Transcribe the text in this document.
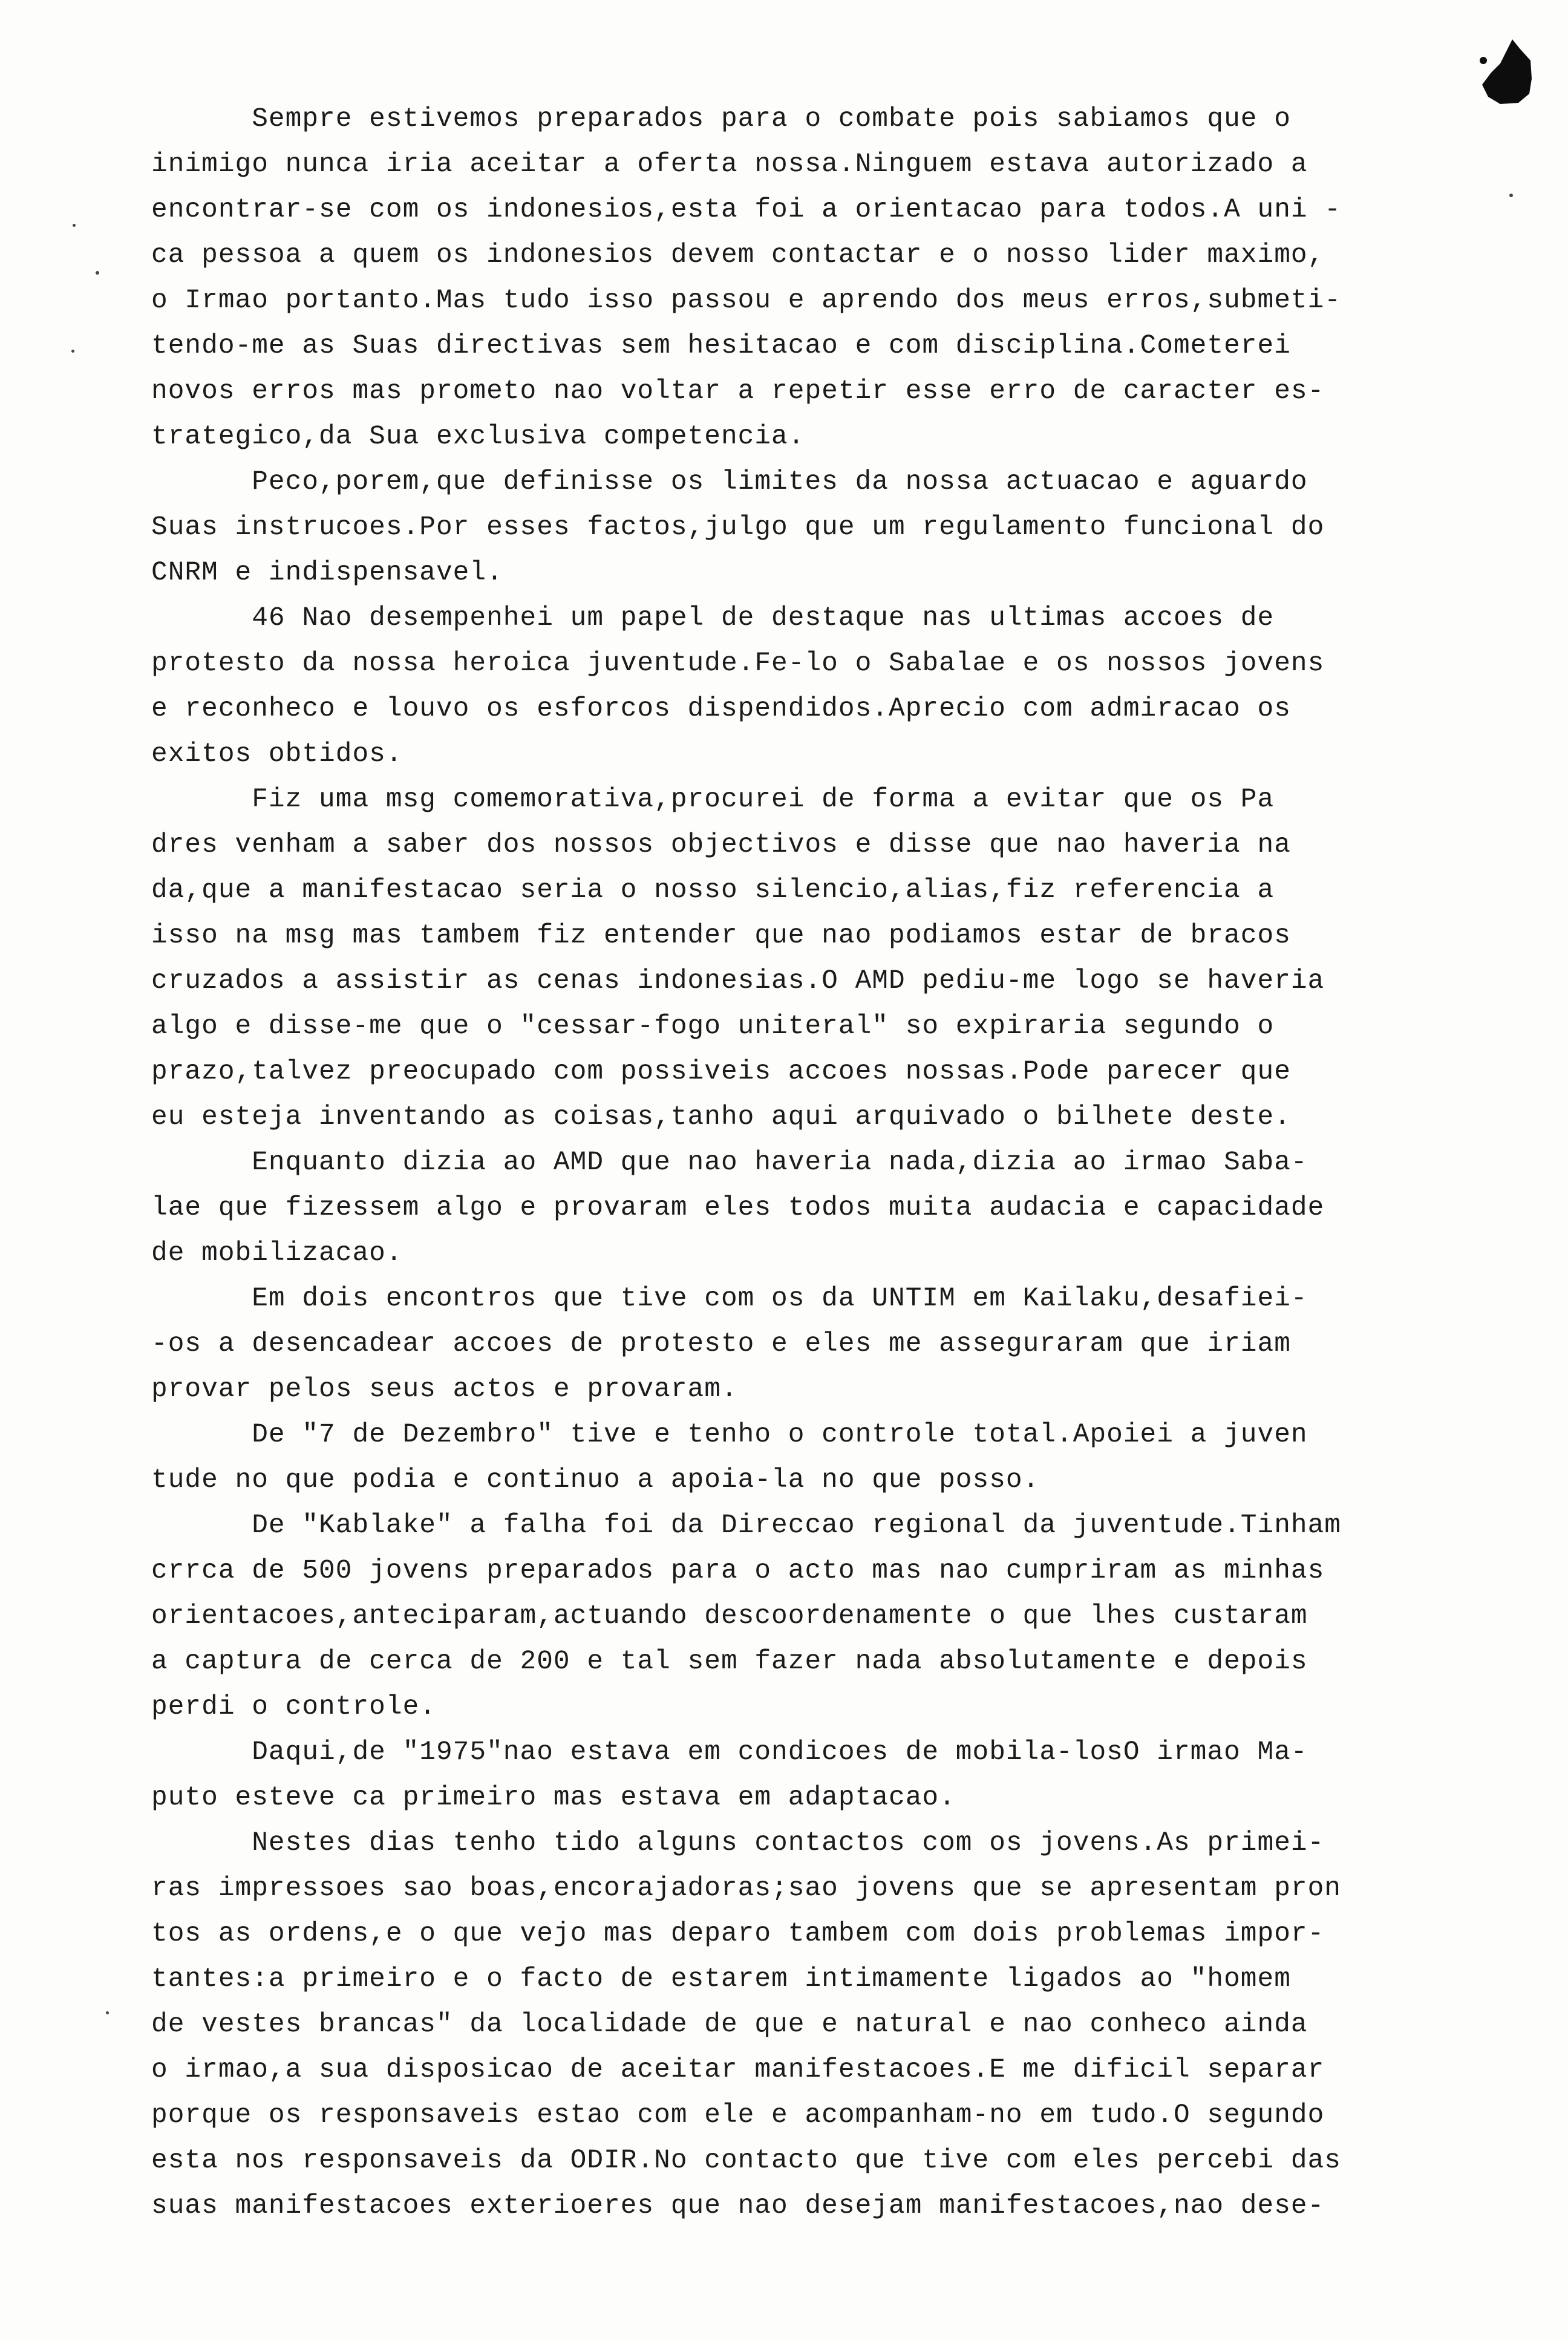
Sempre estivemos preparados para o combate pois sabiamos que o
inimigo nunca iria aceitar a oferta nossa.Ninguem estava autorizado a
encontrar-se com os indonesios,esta foi a orientacao para todos.A uni -
ca pessoa a quem os indonesios devem contactar e o nosso lider maximo,
o Irmao portanto.Mas tudo isso passou e aprendo dos meus erros,submeti-
tendo-me as Suas directivas sem hesitacao e com disciplina.Cometerei
novos erros mas prometo nao voltar a repetir esse erro de caracter es-
trategico,da Sua exclusiva competencia.
Peco,porem,que definisse os limites da nossa actuacao e aguardo
Suas instrucoes.Por esses factos,julgo que um regulamento funcional do
CNRM e indispensavel.
46 Nao desempenhei um papel de destaque nas ultimas accoes de
protesto da nossa heroica juventude.Fe-lo o Sabalae e os nossos jovens
e reconheco e louvo os esforcos dispendidos.Aprecio com admiracao os
exitos obtidos.
Fiz uma msg comemorativa,procurei de forma a evitar que os Pa
dres venham a saber dos nossos objectivos e disse que nao haveria na
da,que a manifestacao seria o nosso silencio,alias,fiz referencia a
isso na msg mas tambem fiz entender que nao podiamos estar de bracos
cruzados a assistir as cenas indonesias.O AMD pediu-me logo se haveria
algo e disse-me que o "cessar-fogo uniteral" so expiraria segundo o
prazo,talvez preocupado com possiveis accoes nossas.Pode parecer que
eu esteja inventando as coisas,tanho aqui arquivado o bilhete deste.
Enquanto dizia ao AMD que nao haveria nada,dizia ao irmao Saba-
lae que fizessem algo e provaram eles todos muita audacia e capacidade
de mobilizacao.
Em dois encontros que tive com os da UNTIM em Kailaku,desafiei-
-os a desencadear accoes de protesto e eles me asseguraram que iriam
provar pelos seus actos e provaram.
De "7 de Dezembro" tive e tenho o controle total.Apoiei a juven
tude no que podia e continuo a apoia-la no que posso.
De "Kablake" a falha foi da Direccao regional da juventude.Tinham
crrca de 500 jovens preparados para o acto mas nao cumpriram as minhas
orientacoes,anteciparam,actuando descoordenamente o que lhes custaram
a captura de cerca de 200 e tal sem fazer nada absolutamente e depois
perdi o controle.
Daqui,de "1975"nao estava em condicoes de mobila-losO irmao Ma-
puto esteve ca primeiro mas estava em adaptacao.
Nestes dias tenho tido alguns contactos com os jovens.As primei-
ras impressoes sao boas,encorajadoras;sao jovens que se apresentam pron
tos as ordens,e o que vejo mas deparo tambem com dois problemas impor-
tantes:a primeiro e o facto de estarem intimamente ligados ao "homem
de vestes brancas" da localidade de que e natural e nao conheco ainda
o irmao,a sua disposicao de aceitar manifestacoes.E me dificil separar
porque os responsaveis estao com ele e acompanham-no em tudo.O segundo
esta nos responsaveis da ODIR.No contacto que tive com eles percebi das
suas manifestacoes exterioeres que nao desejam manifestacoes,nao dese-
